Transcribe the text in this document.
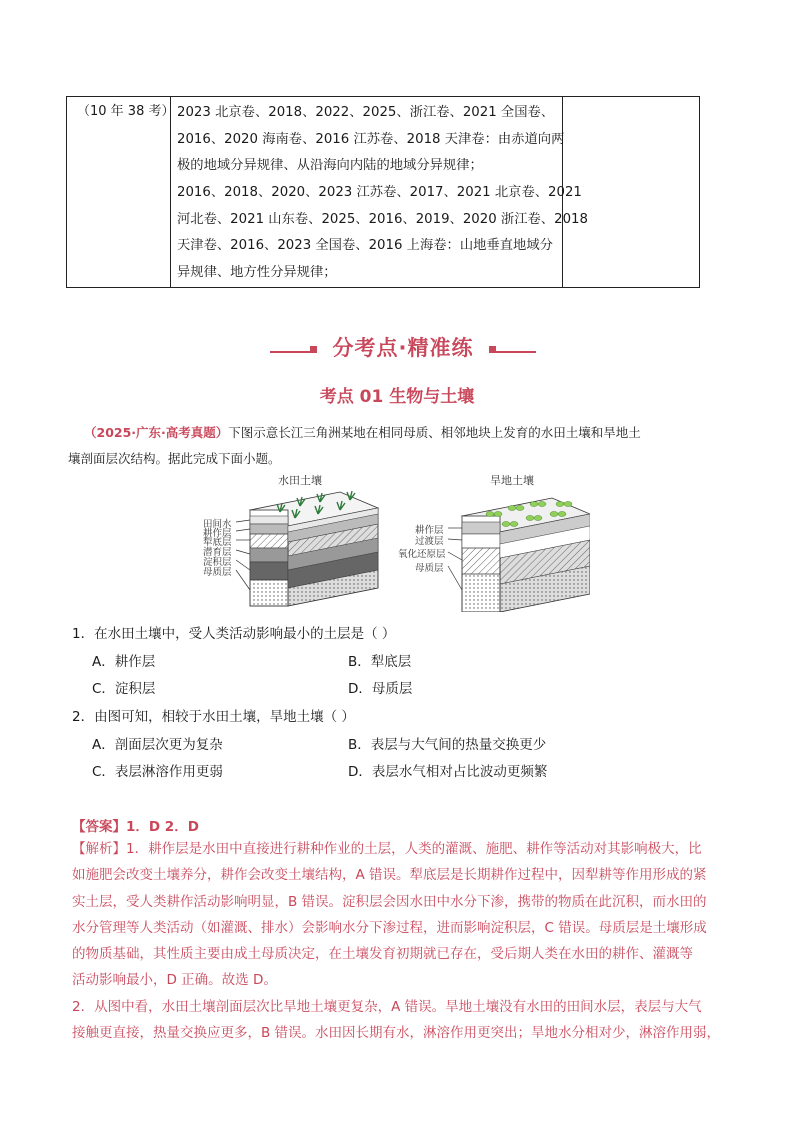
（10 年 38 考） 2023 北京卷、2018、2022、2025、浙江卷、2021 全国卷、
2016、2020 海南卷、2016 江苏卷、2018 天津卷：由赤道向两
极的地域分异规律、从沿海向内陆的地域分异规律；
2016、2018、2020、2023 江苏卷、2017、2021 北京卷、2021
河北卷、2021 山东卷、2025、2016、2019、2020 浙江卷、2018
天津卷、2016、2023 全国卷、2016 上海卷：山地垂直地域分
异规律、地方性分异规律；
分考点·精准练
考点 01 生物与土壤
（2025·广东·高考真题）下图示意长江三角洲某地在相同母质、相邻地块上发育的水田土壤和旱地土
壤剖面层次结构。据此完成下面小题。
水田土壤	旱地土壤
田间水
耕作层
犁底层
潜育层
淀积层
母质层
耕作层
过渡层
氧化还原层
母质层
1．在水田土壤中，受人类活动影响最小的土层是（ ）
A．耕作层	B．犁底层
C．淀积层	D．母质层
2．由图可知，相较于水田土壤，旱地土壤（ ）
A．剖面层次更为复杂	B．表层与大气间的热量交换更少
C．表层淋溶作用更弱	D．表层水气相对占比波动更频繁
【答案】1．D 2．D
【解析】1．耕作层是水田中直接进行耕种作业的土层，人类的灌溉、施肥、耕作等活动对其影响极大，比
如施肥会改变土壤养分，耕作会改变土壤结构，A 错误。犁底层是长期耕作过程中，因犁耕等作用形成的紧
实土层，受人类耕作活动影响明显，B 错误。淀积层会因水田中水分下渗，携带的物质在此沉积，而水田的
水分管理等人类活动（如灌溉、排水）会影响水分下渗过程，进而影响淀积层，C 错误。母质层是土壤形成
的物质基础，其性质主要由成土母质决定，在土壤发育初期就已存在，受后期人类在水田的耕作、灌溉等
活动影响最小，D 正确。故选 D。
2．从图中看，水田土壤剖面层次比旱地土壤更复杂，A 错误。旱地土壤没有水田的田间水层，表层与大气
接触更直接，热量交换应更多，B 错误。水田因长期有水，淋溶作用更突出；旱地水分相对少，淋溶作用弱，
